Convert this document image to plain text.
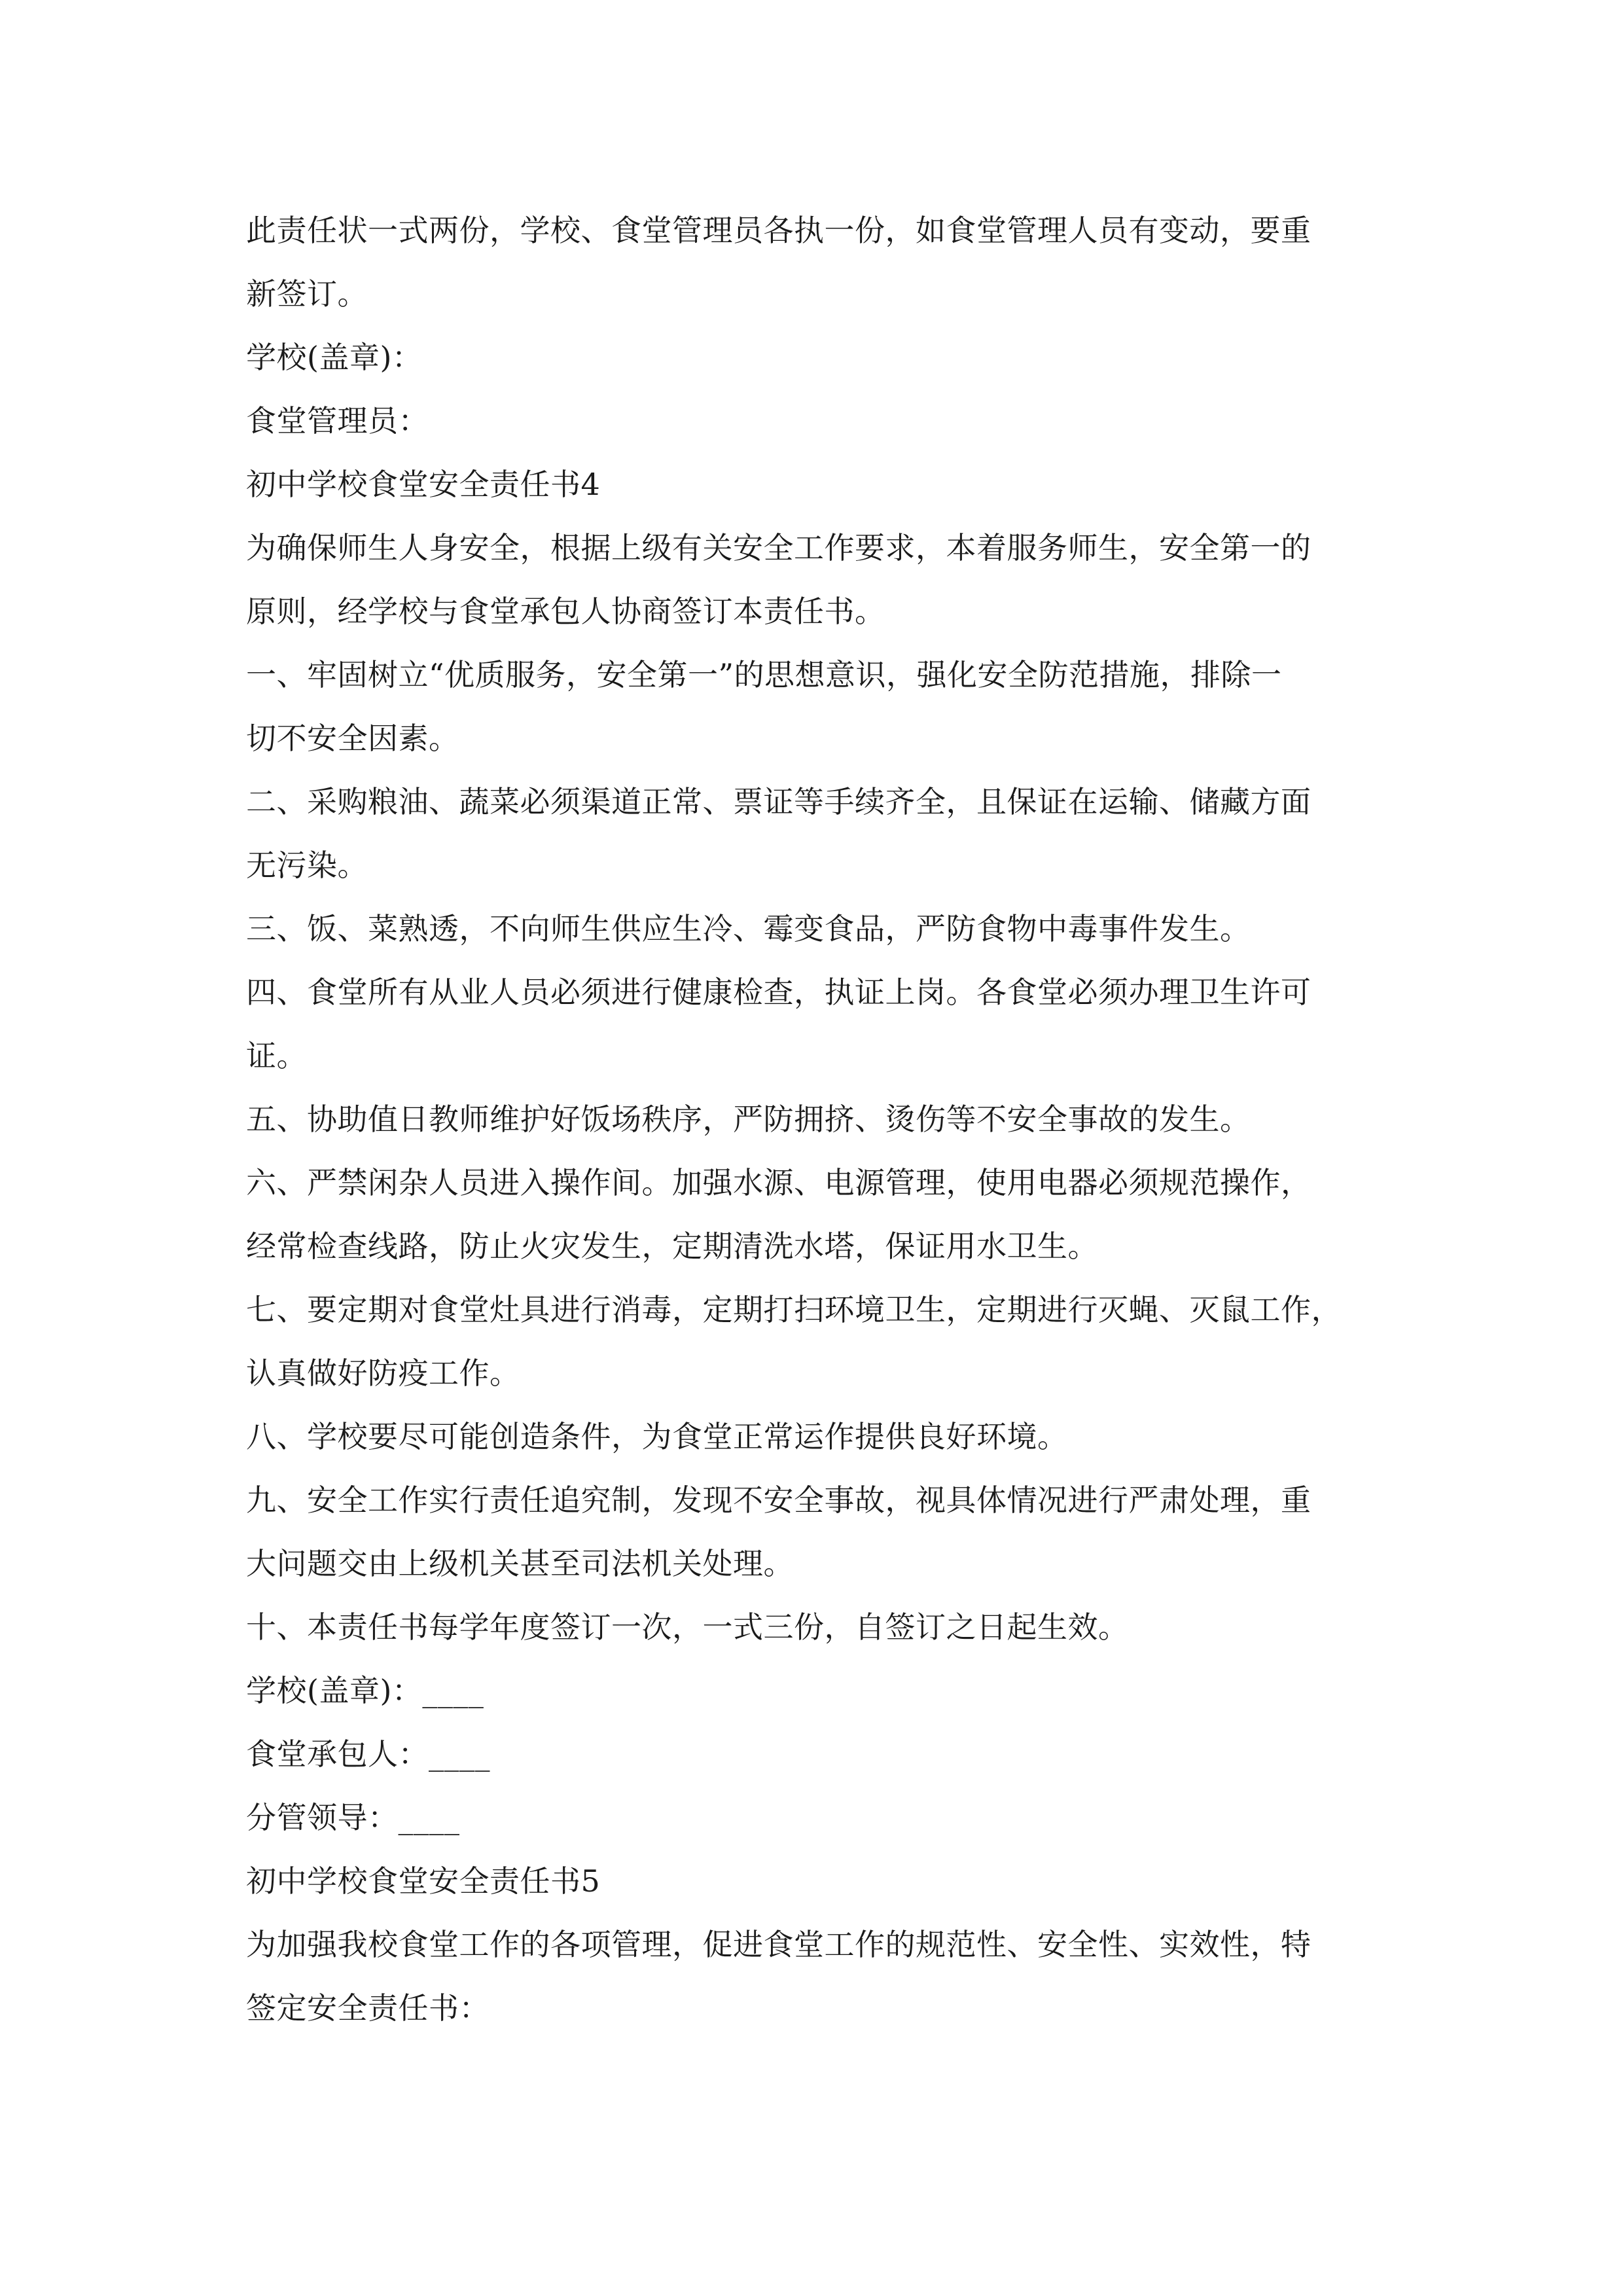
此责任状一式两份，学校、食堂管理员各执一份，如食堂管理人员有变动，要重
新签订。
学校(盖章)：
食堂管理员：
初中学校食堂安全责任书4
为确保师生人身安全，根据上级有关安全工作要求，本着服务师生，安全第一的
原则，经学校与食堂承包人协商签订本责任书。
一、牢固树立“优质服务，安全第一”的思想意识，强化安全防范措施，排除一
切不安全因素。
二、采购粮油、蔬菜必须渠道正常、票证等手续齐全，且保证在运输、储藏方面
无污染。
三、饭、菜熟透，不向师生供应生冷、霉变食品，严防食物中毒事件发生。
四、食堂所有从业人员必须进行健康检查，执证上岗。各食堂必须办理卫生许可
证。
五、协助值日教师维护好饭场秩序，严防拥挤、烫伤等不安全事故的发生。
六、严禁闲杂人员进入操作间。加强水源、电源管理，使用电器必须规范操作，
经常检查线路，防止火灾发生，定期清洗水塔，保证用水卫生。
七、要定期对食堂灶具进行消毒，定期打扫环境卫生，定期进行灭蝇、灭鼠工作，
认真做好防疫工作。
八、学校要尽可能创造条件，为食堂正常运作提供良好环境。
九、安全工作实行责任追究制，发现不安全事故，视具体情况进行严肃处理，重
大问题交由上级机关甚至司法机关处理。
十、本责任书每学年度签订一次，一式三份，自签订之日起生效。
学校(盖章)：____
食堂承包人：____
分管领导：____
初中学校食堂安全责任书5
为加强我校食堂工作的各项管理，促进食堂工作的规范性、安全性、实效性，特
签定安全责任书：
